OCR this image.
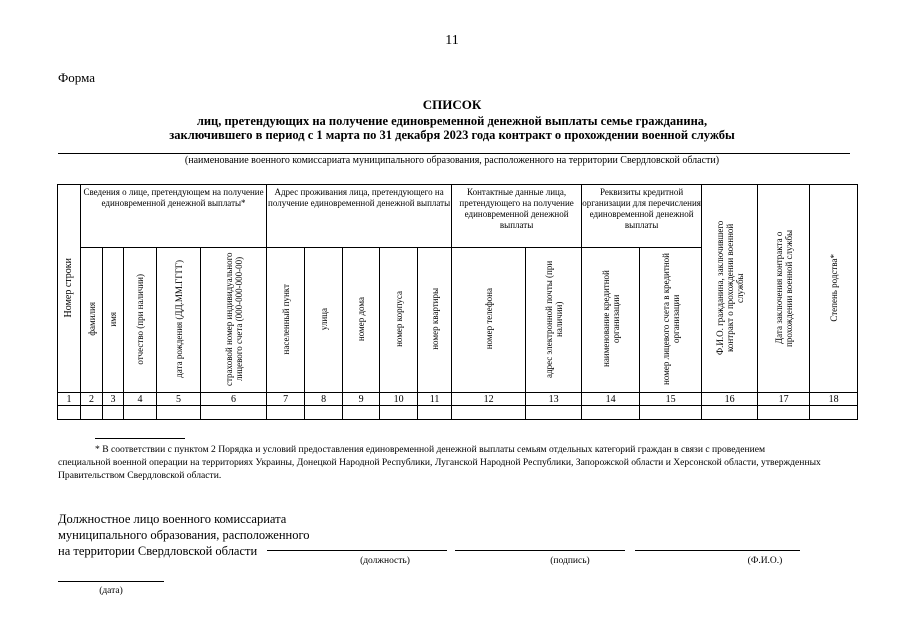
11
Форма
СПИСОК
лиц, претендующих на получение единовременной денежной выплаты семье гражданина,
заключившего в период с 1 марта по 31 декабря 2023 года контракт о прохождении военной службы
(наименование военного комиссариата муниципального образования, расположенного на территории Свердловской области)
Номер строки	Сведения о лице, претендующем на получение единовременной денежной выплаты*					Адрес проживания лица, претендующего на получение единовременной денежной выплаты					Контактные данные лица, претендующего на получение единовременной денежной выплаты		Реквизиты кредитной организации для перечисления единовременной денежной выплаты		Ф.И.О. гражданина, заключившего контракт о прохождении военной службы	Дата заключения контракта о прохождении военной службы	Степень родства*
	фамилия	имя	отчество (при наличии)	дата рождения (ДД.ММ.ГГГГ)	страховой номер индивидуального лицевого счета (000-000-000-00)	населенный пункт	улица	номер дома	номер корпуса	номер квартиры	номер телефона	адрес электронной почты (при наличии)	наименование кредитной организации	номер лицевого счета в кредитной организации			
1	2	3	4	5	6	7	8	9	10	11	12	13	14	15	16	17	18

* В соответствии с пунктом 2 Порядка и условий предоставления единовременной денежной выплаты семьям отдельных категорий граждан в связи с проведением
специальной военной операции на территориях Украины, Донецкой Народной Республики, Луганской Народной Республики, Запорожской области и Херсонской области, утвержденных Правительством Свердловской области.
Должностное лицо военного комиссариата
муниципального образования, расположенного
на территории Свердловской области
(должность)	(подпись)	(Ф.И.О.)
(дата)
